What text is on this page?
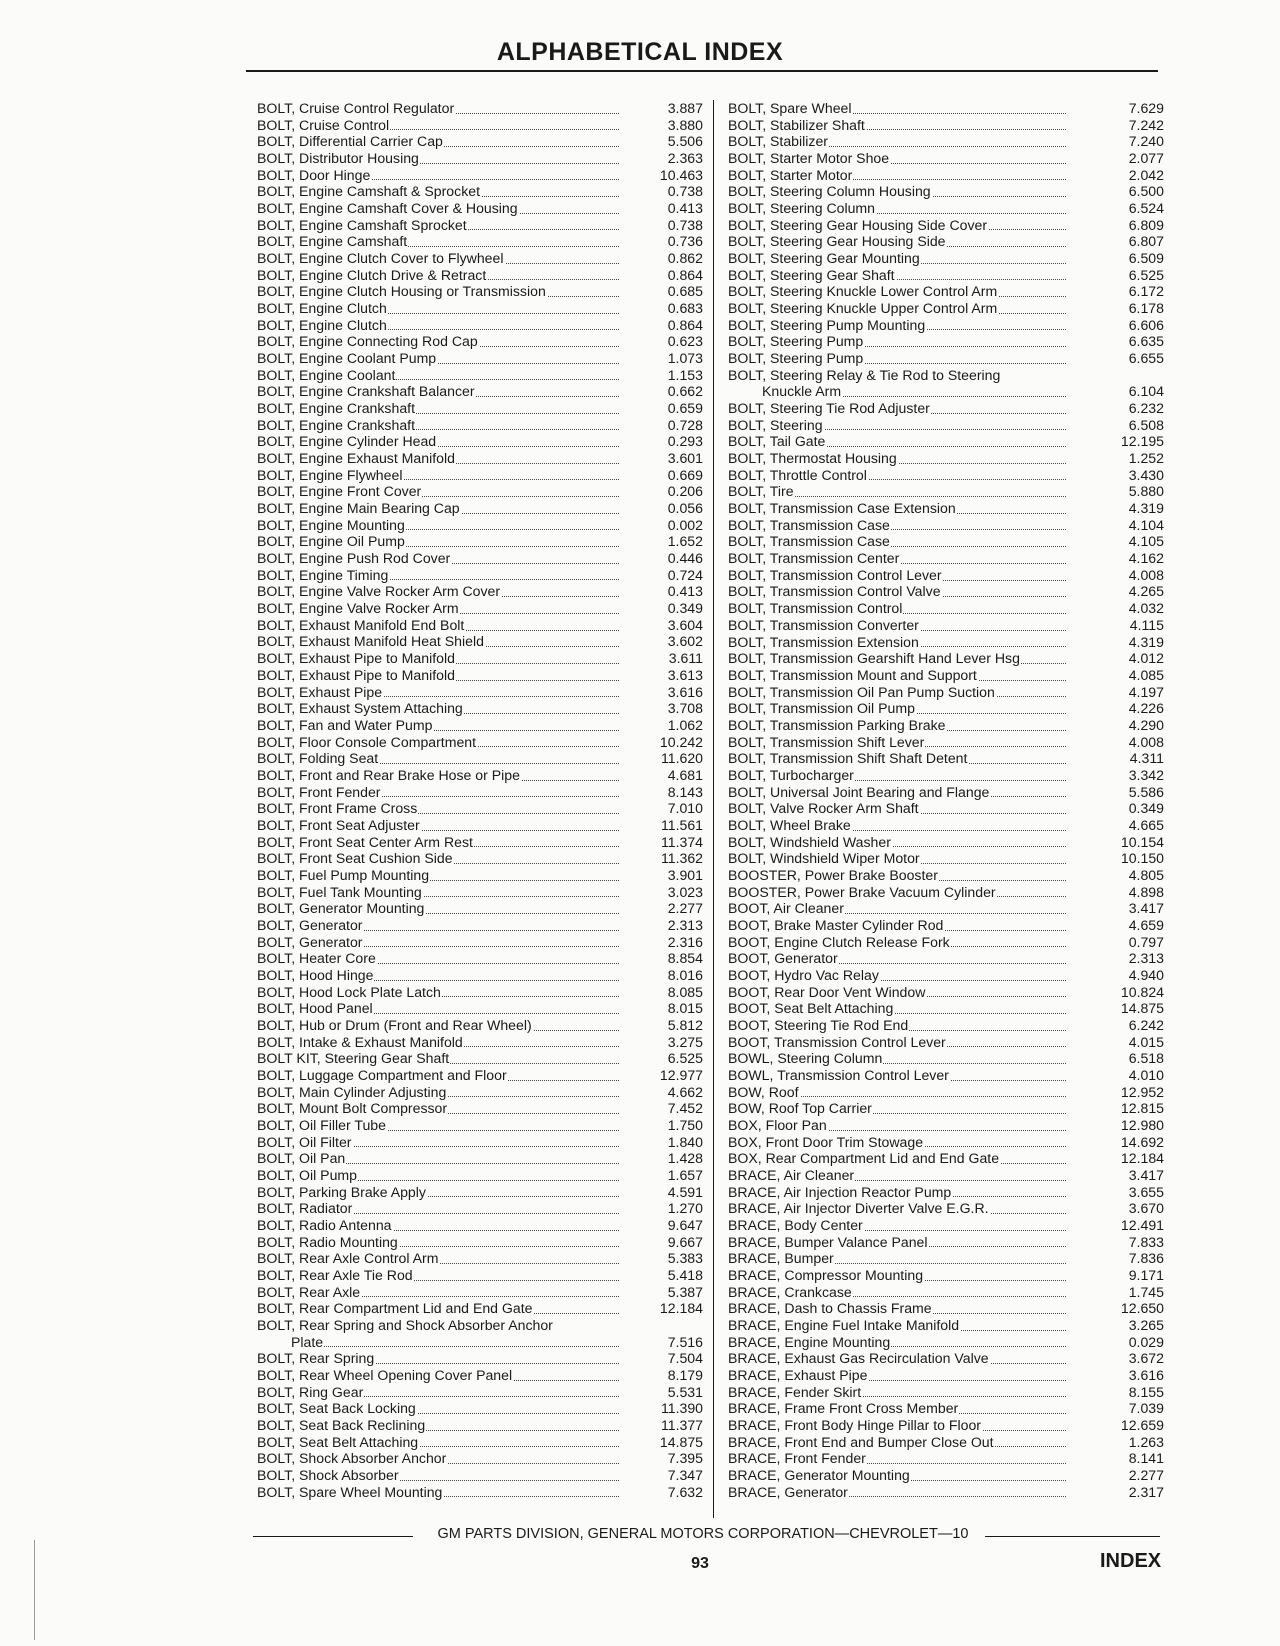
ALPHABETICAL INDEX
BOLT, Cruise Control Regulator	3.887
BOLT, Cruise Control	3.880
BOLT, Differential Carrier Cap	5.506
BOLT, Distributor Housing	2.363
BOLT, Door Hinge	10.463
BOLT, Engine Camshaft & Sprocket	0.738
BOLT, Engine Camshaft Cover & Housing	0.413
BOLT, Engine Camshaft Sprocket	0.738
BOLT, Engine Camshaft	0.736
BOLT, Engine Clutch Cover to Flywheel	0.862
BOLT, Engine Clutch Drive & Retract	0.864
BOLT, Engine Clutch Housing or Transmission	0.685
BOLT, Engine Clutch	0.683
BOLT, Engine Clutch	0.864
BOLT, Engine Connecting Rod Cap	0.623
BOLT, Engine Coolant Pump	1.073
BOLT, Engine Coolant	1.153
BOLT, Engine Crankshaft Balancer	0.662
BOLT, Engine Crankshaft	0.659
BOLT, Engine Crankshaft	0.728
BOLT, Engine Cylinder Head	0.293
BOLT, Engine Exhaust Manifold	3.601
BOLT, Engine Flywheel	0.669
BOLT, Engine Front Cover	0.206
BOLT, Engine Main Bearing Cap	0.056
BOLT, Engine Mounting	0.002
BOLT, Engine Oil Pump	1.652
BOLT, Engine Push Rod Cover	0.446
BOLT, Engine Timing	0.724
BOLT, Engine Valve Rocker Arm Cover	0.413
BOLT, Engine Valve Rocker Arm	0.349
BOLT, Exhaust Manifold End Bolt	3.604
BOLT, Exhaust Manifold Heat Shield	3.602
BOLT, Exhaust Pipe to Manifold	3.611
BOLT, Exhaust Pipe to Manifold	3.613
BOLT, Exhaust Pipe	3.616
BOLT, Exhaust System Attaching	3.708
BOLT, Fan and Water Pump	1.062
BOLT, Floor Console Compartment	10.242
BOLT, Folding Seat	11.620
BOLT, Front and Rear Brake Hose or Pipe	4.681
BOLT, Front Fender	8.143
BOLT, Front Frame Cross	7.010
BOLT, Front Seat Adjuster	11.561
BOLT, Front Seat Center Arm Rest	11.374
BOLT, Front Seat Cushion Side	11.362
BOLT, Fuel Pump Mounting	3.901
BOLT, Fuel Tank Mounting	3.023
BOLT, Generator Mounting	2.277
BOLT, Generator	2.313
BOLT, Generator	2.316
BOLT, Heater Core	8.854
BOLT, Hood Hinge	8.016
BOLT, Hood Lock Plate Latch	8.085
BOLT, Hood Panel	8.015
BOLT, Hub or Drum (Front and Rear Wheel)	5.812
BOLT, Intake & Exhaust Manifold	3.275
BOLT KIT, Steering Gear Shaft	6.525
BOLT, Luggage Compartment and Floor	12.977
BOLT, Main Cylinder Adjusting	4.662
BOLT, Mount Bolt Compressor	7.452
BOLT, Oil Filler Tube	1.750
BOLT, Oil Filter	1.840
BOLT, Oil Pan	1.428
BOLT, Oil Pump	1.657
BOLT, Parking Brake Apply	4.591
BOLT, Radiator	1.270
BOLT, Radio Antenna	9.647
BOLT, Radio Mounting	9.667
BOLT, Rear Axle Control Arm	5.383
BOLT, Rear Axle Tie Rod	5.418
BOLT, Rear Axle	5.387
BOLT, Rear Compartment Lid and End Gate	12.184
BOLT, Rear Spring and Shock Absorber Anchor
Plate	7.516
BOLT, Rear Spring	7.504
BOLT, Rear Wheel Opening Cover Panel	8.179
BOLT, Ring Gear	5.531
BOLT, Seat Back Locking	11.390
BOLT, Seat Back Reclining	11.377
BOLT, Seat Belt Attaching	14.875
BOLT, Shock Absorber Anchor	7.395
BOLT, Shock Absorber	7.347
BOLT, Spare Wheel Mounting	7.632
BOLT, Spare Wheel	7.629
BOLT, Stabilizer Shaft	7.242
BOLT, Stabilizer	7.240
BOLT, Starter Motor Shoe	2.077
BOLT, Starter Motor	2.042
BOLT, Steering Column Housing	6.500
BOLT, Steering Column	6.524
BOLT, Steering Gear Housing Side Cover	6.809
BOLT, Steering Gear Housing Side	6.807
BOLT, Steering Gear Mounting	6.509
BOLT, Steering Gear Shaft	6.525
BOLT, Steering Knuckle Lower Control Arm	6.172
BOLT, Steering Knuckle Upper Control Arm	6.178
BOLT, Steering Pump Mounting	6.606
BOLT, Steering Pump	6.635
BOLT, Steering Pump	6.655
BOLT, Steering Relay & Tie Rod to Steering
Knuckle Arm	6.104
BOLT, Steering Tie Rod Adjuster	6.232
BOLT, Steering	6.508
BOLT, Tail Gate	12.195
BOLT, Thermostat Housing	1.252
BOLT, Throttle Control	3.430
BOLT, Tire	5.880
BOLT, Transmission Case Extension	4.319
BOLT, Transmission Case	4.104
BOLT, Transmission Case	4.105
BOLT, Transmission Center	4.162
BOLT, Transmission Control Lever	4.008
BOLT, Transmission Control Valve	4.265
BOLT, Transmission Control	4.032
BOLT, Transmission Converter	4.115
BOLT, Transmission Extension	4.319
BOLT, Transmission Gearshift Hand Lever Hsg	4.012
BOLT, Transmission Mount and Support	4.085
BOLT, Transmission Oil Pan Pump Suction	4.197
BOLT, Transmission Oil Pump	4.226
BOLT, Transmission Parking Brake	4.290
BOLT, Transmission Shift Lever	4.008
BOLT, Transmission Shift Shaft Detent	4.311
BOLT, Turbocharger	3.342
BOLT, Universal Joint Bearing and Flange	5.586
BOLT, Valve Rocker Arm Shaft	0.349
BOLT, Wheel Brake	4.665
BOLT, Windshield Washer	10.154
BOLT, Windshield Wiper Motor	10.150
BOOSTER, Power Brake Booster	4.805
BOOSTER, Power Brake Vacuum Cylinder	4.898
BOOT, Air Cleaner	3.417
BOOT, Brake Master Cylinder Rod	4.659
BOOT, Engine Clutch Release Fork	0.797
BOOT, Generator	2.313
BOOT, Hydro Vac Relay	4.940
BOOT, Rear Door Vent Window	10.824
BOOT, Seat Belt Attaching	14.875
BOOT, Steering Tie Rod End	6.242
BOOT, Transmission Control Lever	4.015
BOWL, Steering Column	6.518
BOWL, Transmission Control Lever	4.010
BOW, Roof	12.952
BOW, Roof Top Carrier	12.815
BOX, Floor Pan	12.980
BOX, Front Door Trim Stowage	14.692
BOX, Rear Compartment Lid and End Gate	12.184
BRACE, Air Cleaner	3.417
BRACE, Air Injection Reactor Pump	3.655
BRACE, Air Injector Diverter Valve E.G.R.	3.670
BRACE, Body Center	12.491
BRACE, Bumper Valance Panel	7.833
BRACE, Bumper	7.836
BRACE, Compressor Mounting	9.171
BRACE, Crankcase	1.745
BRACE, Dash to Chassis Frame	12.650
BRACE, Engine Fuel Intake Manifold	3.265
BRACE, Engine Mounting	0.029
BRACE, Exhaust Gas Recirculation Valve	3.672
BRACE, Exhaust Pipe	3.616
BRACE, Fender Skirt	8.155
BRACE, Frame Front Cross Member	7.039
BRACE, Front Body Hinge Pillar to Floor	12.659
BRACE, Front End and Bumper Close Out	1.263
BRACE, Front Fender	8.141
BRACE, Generator Mounting	2.277
BRACE, Generator	2.317
GM PARTS DIVISION, GENERAL MOTORS CORPORATION—CHEVROLET—10
93	INDEX
